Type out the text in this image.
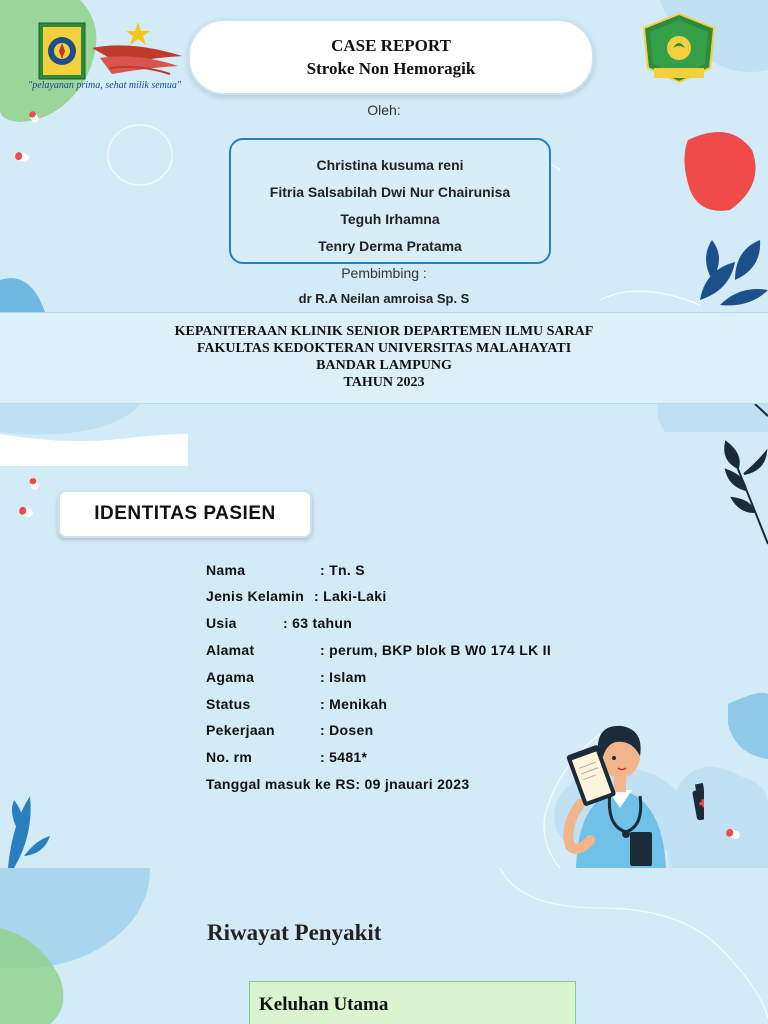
"pelayanan prima, sehat milik semua"
CASE REPORT
Stroke Non Hemoragik
Oleh:
Christina kusuma reni
Fitria Salsabilah Dwi Nur Chairunisa
Teguh Irhamna
Tenry Derma Pratama
Pembimbing :
dr R.A Neilan amroisa Sp. S
KEPANITERAAN KLINIK SENIOR DEPARTEMEN ILMU SARAF
FAKULTAS KEDOKTERAN UNIVERSITAS MALAHAYATI
BANDAR LAMPUNG
TAHUN 2023
IDENTITAS PASIEN
Nama	: Tn. S
Jenis Kelamin : Laki-Laki
Usia	: 63 tahun
Alamat	: perum, BKP blok B W0 174 LK II
Agama	: Islam
Status	: Menikah
Pekerjaan	: Dosen
No. rm	: 5481*
Tanggal masuk ke RS: 09 jnauari 2023
Riwayat Penyakit
Keluhan Utama
